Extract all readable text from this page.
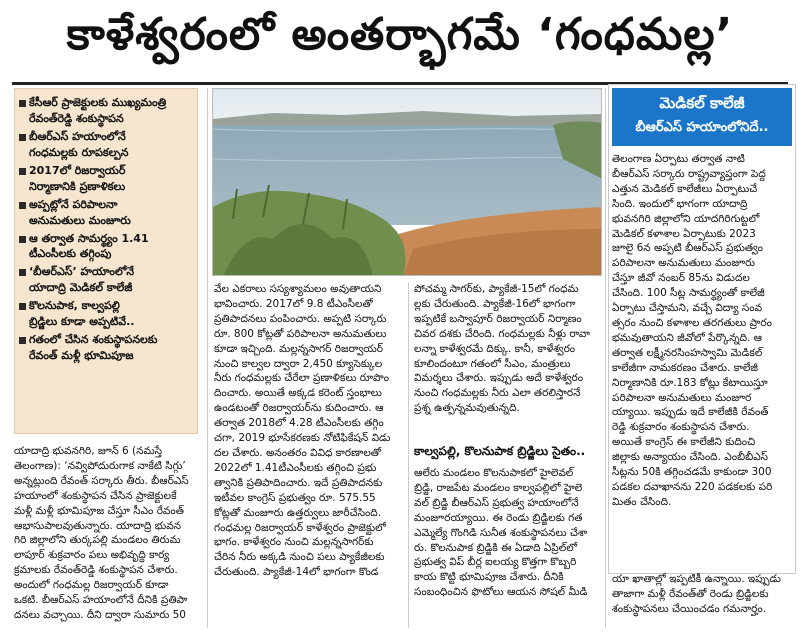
కాళేశ్వరంలో అంతర్భాగమే ‘గంధమల్ల’
కేసీఆర్ ప్రాజెక్టులకు ముఖ్యమంత్రి
రేవంత్‌రెడ్డి శంకుస్థాపన
బీఆర్ఎస్ హయాంలోనే
గంధమల్లకు రూపకల్పన
2017లో రిజర్వాయర్
నిర్మాణానికి ప్రణాళికలు
అప్పట్లోనే పరిపాలనా
అనుమతులు మంజూరు
ఆ తర్వాత సామర్థ్యం 1.41
టీఎంసీలకు తగ్గింపు
‘బీఆర్ఎస్’ హయాంలోనే
యాదాద్రి మెడికల్ కాలేజీ
కొలనుపాక, కాల్వపల్లి
బ్రిడ్జిలు కూడా అప్పటివే..
గతంలో చేసిన శంకుస్థాపనలకు
రేవంత్ మళ్లీ భూమిపూజ
యాదాద్రి భువనగిరి, జూన్ 6 (నమస్తే
తెలంగాణ): ‘నవ్విపోదురుగాక నాకేటి సిగ్గు’
అన్నట్లుంది రేవంత్ సర్కారు తీరు. బీఆర్ఎస్
హయాంలో శంకుస్థాపన చేసిన ప్రాజెక్టులకే
మళ్లీ మళ్లీ భూమిపూజ చేస్తూ సీఎం రేవంత్
ఆభాసుపాలవుతున్నారు. యాదాద్రి భువన
గిరి జిల్లాలోని తుర్కపల్లి మండలం తిరుమ
లాపూర్ శుక్రవారం పలు అభివృద్ధి కార్య
క్రమాలకు రేవంత్‌రెడ్డి శంకుస్థాపన చేశారు.
అందులో గంధమల్ల రిజర్వాయర్ కూడా
ఒకటి. బీఆర్ఎస్ హయాంలోనే దీనికి ప్రతిపా
దనలు వచ్చాయి. దీని ద్వారా సుమారు 50
వేల ఎకరాలు సస్యశ్యామలం అవుతాయని
భావించారు. 2017లో 9.8 టీఎంసీలతో
ప్రతిపాదనలు పంపించారు. అప్పటి సర్కారు
రూ. 800 కోట్లతో పరిపాలనా అనుమతులు
కూడా ఇచ్చింది. మల్లన్నసాగర్ రిజర్వాయర్
నుంచి కాల్వల ద్వారా 2,450 క్యూసెక్కుల
నీరు గంధమల్లకు చేరేలా ప్రణాళికలు రూపొం
దించారు. అయితే అక్కడ కరెంట్ స్తంభాలు
ఉండటంతో రిజర్వాయర్‌ను కుదించారు. ఆ
తర్వాత 2018లో 4.28 టీఎంసీలకు తగ్గిం
చగా, 2019 భూసేకరణకు నోటిఫికేషన్ విడు
దల చేశారు. అనంతరం వివిధ కారణాలతో
2022లో 1.41టీఎంసీలకు తగ్గించి ప్రభు
త్వానికి ప్రతిపాదించారు. ఇదే ప్రతిపాదనకు
ఇటీవల కాంగ్రెస్ ప్రభుత్వం రూ. 575.55
కోట్లతో మంజూరు ఉత్తర్వులు జారీచేసింది.
గంధమల్ల రిజర్వాయర్ కాళేశ్వరం ప్రాజెక్టులో
భాగం. కాళేశ్వరం నుంచి మల్లన్నసాగర్‌కు
చేరిన నీరు అక్కడి నుంచి పలు ప్యాకేజీలకు
చేరుతుంది. ప్యాకేజీ-14లో భాగంగా కొండ
పోచమ్మ సాగర్‌కు, ప్యాకేజీ-15లో గంధమ
ల్లకు చేరుతుంది. ప్యాకేజీ-16లో భాగంగా
ఇప్పటికే బస్వాపూర్ రిజర్వాయర్ నిర్మాణం
చివర దశకు చేరింది. గంధమల్లకు నీళ్లు రావా
లన్నా కాళేశ్వరమే దిక్కు. కానీ, కాళేశ్వరం
కూలిందంటూ గతంలో సీఎం, మంత్రులు
విమర్శలు చేశారు. ఇప్పుడు అదే కాళేశ్వరం
నుంచి గంధమల్లకు నీరు ఎలా తరలిస్తారనే
ప్రశ్న ఉత్పన్నమవుతున్నది.
కాల్వపల్లి, కొలనుపాక బ్రిడ్జిలు సైతం..
ఆలేరు మండలం కొలనుపాకలో హైలెవల్
బ్రిడ్జి, రాజపేట మండలం కాల్వపల్లిలో హైలె
వల్ బ్రిడ్జి బీఆర్ఎస్ ప్రభుత్వ హయాంలోనే
మంజూరయ్యాయి. ఈ రెండు బ్రిడ్జిలకు గత
ఎమ్మెల్యే గొంగిడి సునీత శంకుస్థాపనలు చేశా
రు. కొలనుపాక బ్రిడ్జికి ఈ ఏడాది ఏప్రిల్‌లో
ప్రభుత్వ విప్ బీర్ల ఐలయ్య కొత్తగా కొబ్బరి
కాయ కొట్టి భూమిపూజ చేశారు. దీనికి
సంబంధించిన ఫొటోలు ఆయన సోషల్ మీడి
మెడికల్ కాలేజీ
బీఆర్ఎస్ హయాంలోనిదే..
తెలంగాణ ఏర్పాటు తర్వాత నాటి
బీఆర్ఎస్ సర్కారు రాష్ట్రవ్యాప్తంగా పెద్ద
ఎత్తున మెడికల్ కాలేజీలు ఏర్పాటుచే
సింది. ఇందులో భాగంగా యాదాద్రి
భువనగిరి జిల్లాలోని యాదగిరిగుట్టలో
మెడికల్ కళాశాల ఏర్పాటుకు 2023
జూలై 6న అప్పటి బీఆర్ఎస్ ప్రభుత్వం
పరిపాలనా అనుమతులు మంజూరు
చేస్తూ జీవో నంబర్ 85ను విడుదల
చేసింది. 100 సీట్ల సామర్థ్యంతో కాలేజీ
ఏర్పాటు చేస్తామని, వచ్చే విద్యా సంవ
త్సరం నుంచి కళాశాల తరగతులు ప్రారం
భమవుతాయని జీవోలో పేర్కొన్నది. ఆ
తర్వాత లక్ష్మీనరసింహస్వామి మెడికల్
కాలేజీగా నామకరణం చేశారు. కాలేజీ
నిర్మాణానికి రూ.183 కోట్లు కేటాయిస్తూ
పరిపాలనా అనుమతులు మంజూర
య్యాయి. ఇప్పుడు ఇదే కాలేజీకి రేవంత్
రెడ్డి శుక్రవారం శంకుస్థాపన చేశారు.
అయితే కాంగ్రెస్ ఈ కాలేజీని కుదించి
జిల్లాకు అన్యాయం చేసింది. ఎంబీబీఎస్
సీట్లను 50కి తగ్గించడమే కాకుండా 300
పడకల దవాఖానను 220 పడకలకు పరి
మితం చేసింది.
యా ఖాతాల్లో ఇప్పటికీ ఉన్నాయి. ఇప్పుడు
తాజాగా మళ్లీ రేవంత్‌తో రెండు బ్రిడ్జిలకు
శంకుస్థాపనలు చేయించడం గమనార్హం.
